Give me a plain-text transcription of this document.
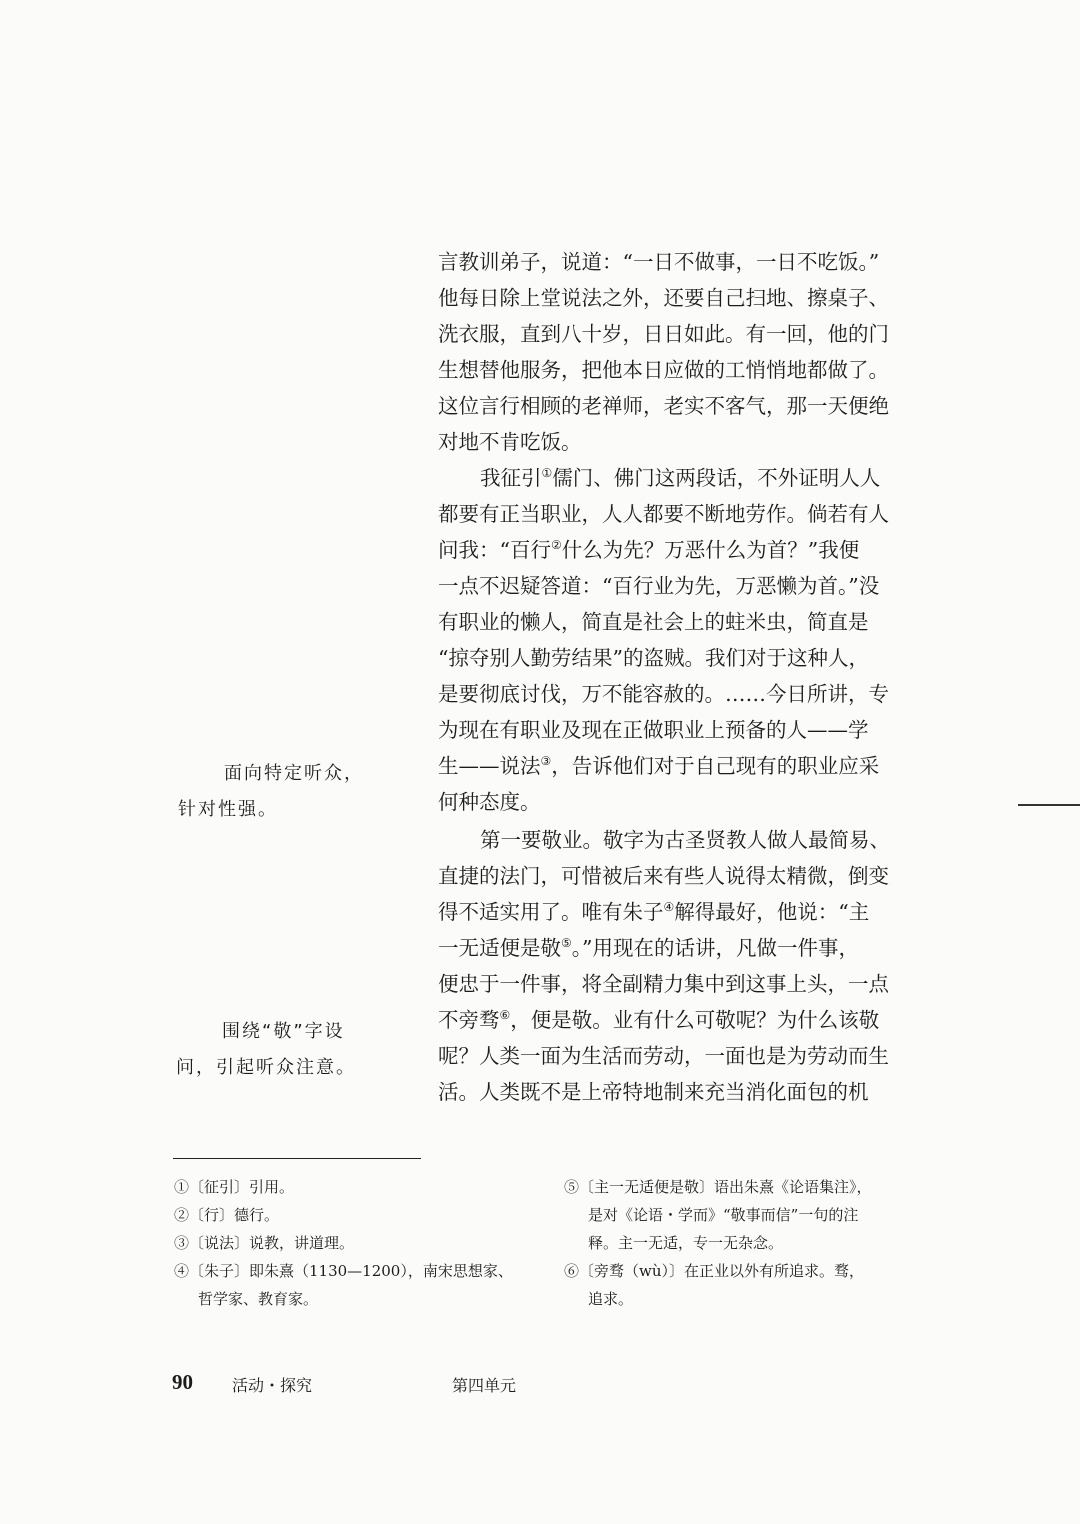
言教训弟子，说道：“一日不做事，一日不吃饭。”

他每日除上堂说法之外，还要自己扫地、擦桌子、

洗衣服，直到八十岁，日日如此。有一回，他的门

生想替他服务，把他本日应做的工悄悄地都做了。

这位言行相顾的老禅师，老实不客气，那一天便绝

对地不肯吃饭。

我征引①儒门、佛门这两段话，不外证明人人

都要有正当职业，人人都要不断地劳作。倘若有人

问我：“百行②什么为先？万恶什么为首？”我便

一点不迟疑答道：“百行业为先，万恶懒为首。”没

有职业的懒人，简直是社会上的蛀米虫，简直是

“掠夺别人勤劳结果”的盗贼。我们对于这种人，

是要彻底讨伐，万不能容赦的。……今日所讲，专

为现在有职业及现在正做职业上预备的人——学

生——说法③，告诉他们对于自己现有的职业应采

何种态度。

第一要敬业。敬字为古圣贤教人做人最简易、

直捷的法门，可惜被后来有些人说得太精微，倒变

得不适实用了。唯有朱子④解得最好，他说：“主

一无适便是敬⑤。”用现在的话讲，凡做一件事，

便忠于一件事，将全副精力集中到这事上头，一点

不旁骛⑥，便是敬。业有什么可敬呢？为什么该敬

呢？人类一面为生活而劳动，一面也是为劳动而生

活。人类既不是上帝特地制来充当消化面包的机

面向特定听众，

针对性强。

围绕“敬”字设

问，引起听众注意。

①〔征引〕引用。

②〔行〕德行。

③〔说法〕说教，讲道理。

④〔朱子〕即朱熹（1130—1200），南宋思想家、

哲学家、教育家。

⑤〔主一无适便是敬〕语出朱熹《论语集注》，

是对《论语・学而》“敬事而信”一句的注

释。主一无适，专一无杂念。

⑥〔旁骛（wù）〕在正业以外有所追求。骛，

追求。

90 活动・探究	第四单元
